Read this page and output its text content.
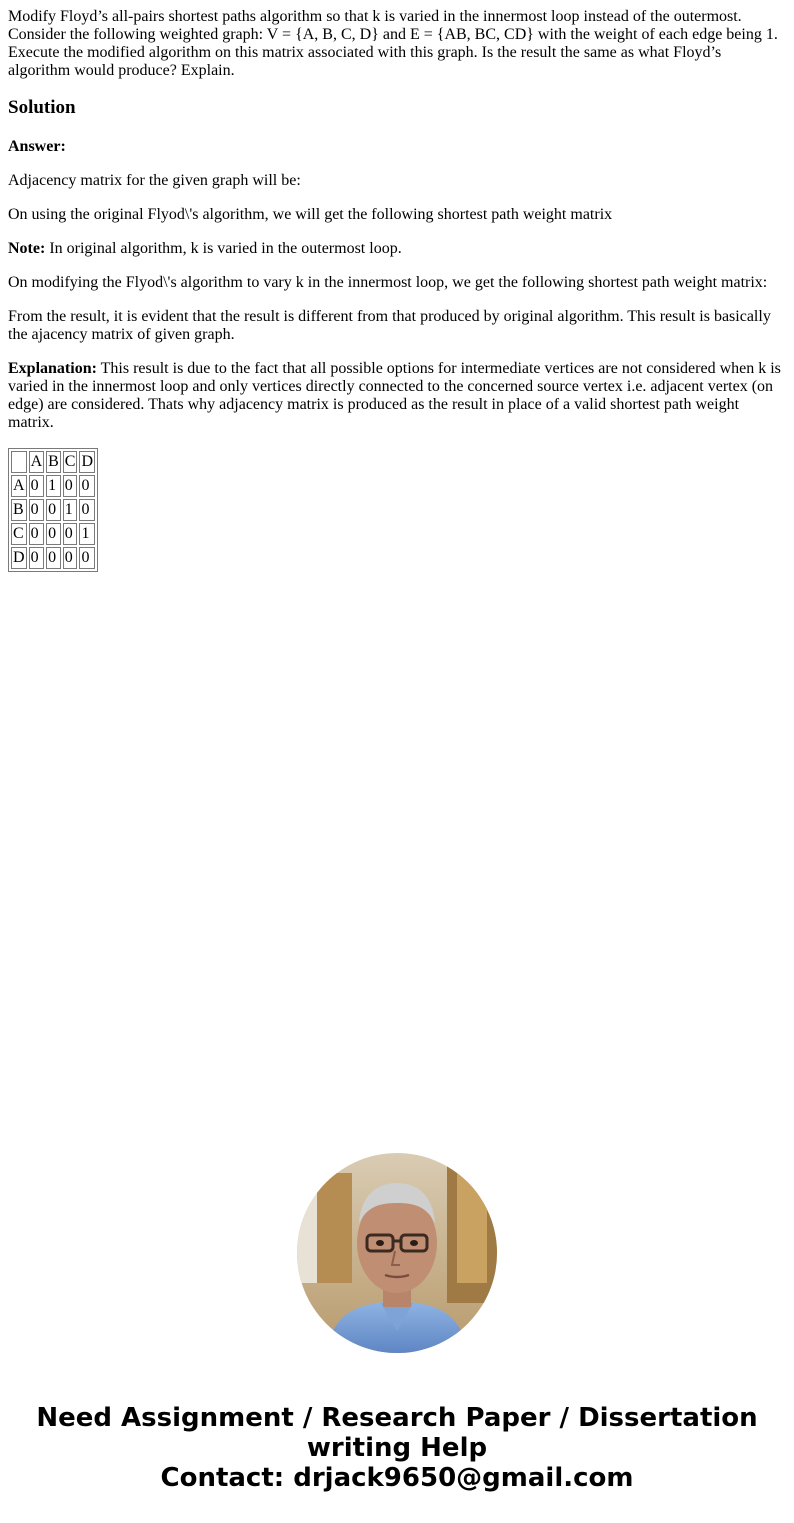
Modify Floyd’s all-pairs shortest paths algorithm so that k is varied in the innermost loop instead of the outermost. Consider the following weighted graph: V = {A, B, C, D} and E = {AB, BC, CD} with the weight of each edge being 1. Execute the modified algorithm on this matrix associated with this graph. Is the result the same as what Floyd’s algorithm would produce? Explain.

Solution

Answer:

Adjacency matrix for the given graph will be:

On using the original Flyod\'s algorithm, we will get the following shortest path weight matrix

Note: In original algorithm, k is varied in the outermost loop.

On modifying the Flyod\'s algorithm to vary k in the innermost loop, we get the following shortest path weight matrix:

From the result, it is evident that the result is different from that produced by original algorithm. This result is basically the ajacency matrix of given graph.

Explanation: This result is due to the fact that all possible options for intermediate vertices are not considered when k is varied in the innermost loop and only vertices directly connected to the concerned source vertex i.e. adjacent vertex (on edge) are considered. Thats why adjacency matrix is produced as the result in place of a valid shortest path weight matrix.

	A	B	C	D
A	0	1	0	0
B	0	0	1	0
C	0	0	0	1
D	0	0	0	0
Need Assignment / Research Paper / Dissertation
writing Help
Contact: drjack9650@gmail.com
